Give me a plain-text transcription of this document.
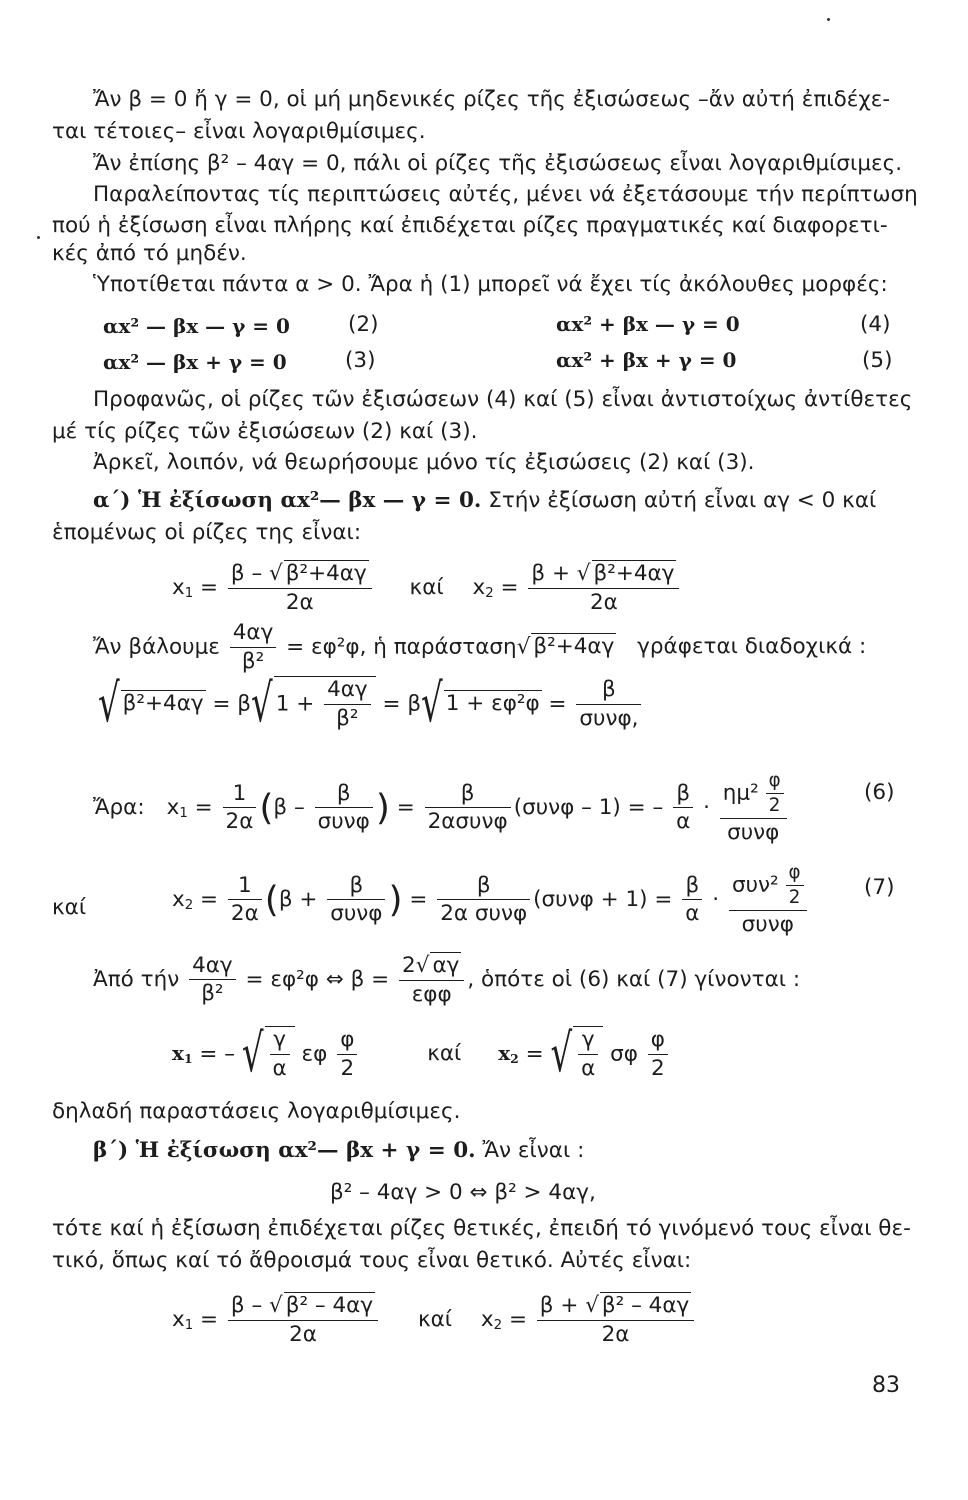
Ἄν β = 0 ἤ γ = 0, οἱ μή μηδενικές ρίζες τῆς ἐξισώσεως –ἄν αὐτή ἐπιδέχε-
ται τέτοιες– εἶναι λογαριθμίσιμες.
Ἄν ἐπίσης β² – 4αγ = 0, πάλι οἱ ρίζες τῆς ἐξισώσεως εἶναι λογαριθμίσιμες.
Παραλείποντας τίς περιπτώσεις αὐτές, μένει νά ἐξετάσουμε τήν περίπτωση
πού ἡ ἐξίσωση εἶναι πλήρης καί ἐπιδέχεται ρίζες πραγματικές καί διαφορετι-
κές ἀπό τό μηδέν.
Ὑποτίθεται πάντα α > 0. Ἄρα ἡ (1) μπορεῖ νά ἔχει τίς ἀκόλουθες μορφές:
αx² — βx — γ = 0	(2)	αx² + βx — γ = 0	(4)
αx² — βx + γ = 0	(3)	αx² + βx + γ = 0	(5)
Προφανῶς, οἱ ρίζες τῶν ἐξισώσεων (4) καί (5) εἶναι ἀντιστοίχως ἀντίθετες
μέ τίς ρίζες τῶν ἐξισώσεων (2) καί (3).
Ἀρκεῖ, λοιπόν, νά θεωρήσουμε μόνο τίς ἐξισώσεις (2) καί (3).
α΄) Ἡ ἐξίσωση αx²— βx — γ = 0. Στήν ἐξίσωση αὐτή εἶναι αγ < 0 καί
ἑπομένως οἱ ρίζες της εἶναι:
$x_1 = \frac{\text{β – √ β²+4αγ}}{2\alpha}$ καί $x_2 = \frac{\text{β + √ β²+4αγ}}{2\alpha}$
Ἄν βάλουμε $\frac{4\alpha\gamma}{\text{β²}} = \varepsilon\varphi^2\varphi$, ἡ παράσταση√ β²+4αγ γράφεται διαδοχικά :
√ β²+4αγ = β√ $1 + \frac{4\alpha\gamma}{\text{β²}} = \beta√$ $1 + \varepsilon\varphi^2\varphi = \frac{\beta}{\text{συνφ,}}$
Ἄρα: $x_1 = \frac{1}{2\alpha} (\beta - \frac{\beta}{\text{συνφ}}$ ) = $\frac{\beta}{\text{2ασυνφ}} (\sigma\upsilon\nu\varphi - 1)$ = – $\frac{\beta}{\alpha} \cdot \frac{\eta\mu^2 \frac{\varphi}{2}}{\text{συνφ}}$	(6)
καί	$x_2 = \frac{1}{2\alpha} (\beta + \frac{\beta}{\text{συνφ}}$ ) = $\frac{\beta}{\text{2α συνφ}} (\sigma\upsilon\nu\varphi + 1) = \frac{\beta}{\alpha} \cdot \frac{\sigma\upsilon\nu^2 \frac{\varphi}{2}}{\text{συνφ}}$	(7)
Ἀπό τήν $\frac{4\alpha\gamma}{\text{β²}} = \varepsilon\varphi^2\varphi$ ⇔ $\beta = \frac{2√ \alpha\gamma}{\text{εφφ}}$ , ὁπότε οἱ (6) καί (7) γίνονται :
$x_1$ = – √ $\frac{\gamma}{\alpha}$ εφ $\frac{\varphi}{2}$	καί $x_2$ = √ $\frac{\gamma}{\alpha}$ σφ $\frac{\varphi}{2}$
δηλαδή παραστάσεις λογαριθμίσιμες.
β΄) Ἡ ἐξίσωση αx²— βx + γ = 0. Ἄν εἶναι :
β² – 4αγ > 0 ⇔ β² > 4αγ,
τότε καί ἡ ἐξίσωση ἐπιδέχεται ρίζες θετικές, ἐπειδή τό γινόμενό τους εἶναι θε-
τικό, ὅπως καί τό ἄθροισμά τους εἶναι θετικό. Αὐτές εἶναι:
$x_1 = \frac{\text{β – √ β² – 4αγ}}{2\alpha}$ καί $x_2 = \frac{\text{β + √ β² – 4αγ}}{2\alpha}$
83
